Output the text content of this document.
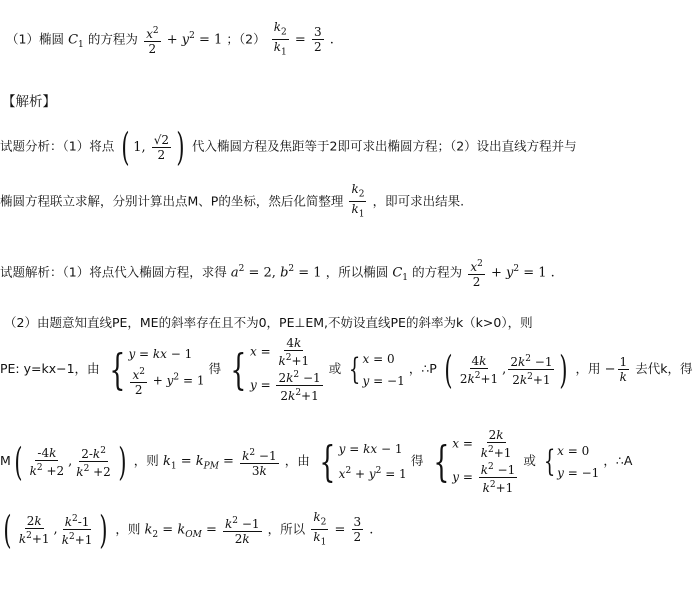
（1）椭圆 $C_1$ 的方程为 $\frac{x^2}{2} + y^2 = 1$ ；$(2) \frac{k_2}{k_1} = \frac{3}{2}$ .
【解析】
试题分析：（1）将点 ( 1, √2
2 ) 代入椭圆方程及焦距等于2即可求出椭圆方程；（2）设出直线方程并与
椭圆方程联立求解，分别计算出点M、P的坐标，然后化简整理 $\frac{k_2}{k_1}$ ，即可求出结果.
试题解析：（1）将点代入椭圆方程，求得 $a^2 = 2$, $b^2 = 1$ ，所以椭圆 $C_1$ 的方程为 $\frac{x^2}{2} + y^2 = 1$ .
（2）由题意知直线PE，ME的斜率存在且不为0，PE⊥EM,不妨设直线PE的斜率为k（k>0），则
PE: y=kx−1，由 { y = kx − 1
$\frac{x^2}{2} + y^2 = 1$
得 { $x = \frac{4k}{k^2+1}$
$y = \frac{2k^2 -1}{2k^2+1}$ 或 { x = 0
y = −1
，∴P ( 4k
$2k^2+1$
, $2k^2 -1$
$2k^2+1$ ) ，用 − $\frac{1}{k}$ 去代k，得
M ( -4k
$k^2 +2$
, $2-k^2$
$k^2 +2$ ) ，则 $k_1 = k_{PM} = \frac{k^2 -1}{3k}$ ，由 { y = kx − 1
$x^2 + y^2 = 1$
得 { $x = \frac{2k}{k^2+1}$
$y = \frac{k^2 -1}{k^2+1}$ 或 { x = 0
y = −1
，∴A
( 2k
$k^2+1$
, $k^2-1$
$k^2+1$ ) ，则 $k_2 = k_{OM} = \frac{k^2 -1}{2k}$ ，所以 $\frac{k_2}{k_1} = \frac{3}{2}$ .
